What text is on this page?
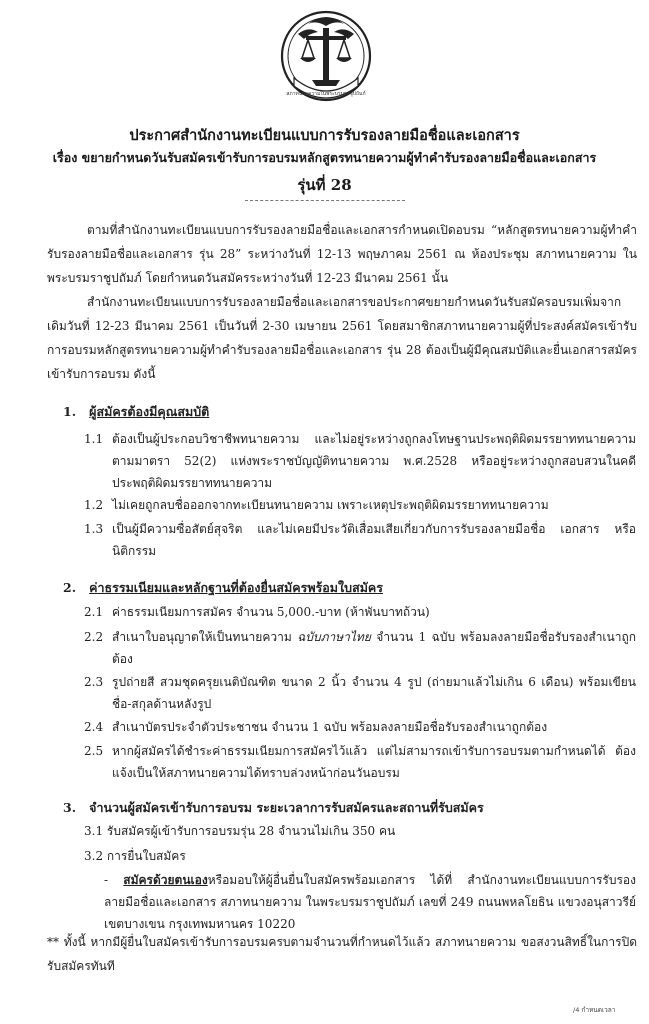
สภาทนายความในพระบรมราชูปถัมภ์
ประกาศสำนักงานทะเบียนแบบการรับรองลายมือชื่อและเอกสาร
เรื่อง ขยายกำหนดวันรับสมัครเข้ารับการอบรมหลักสูตรทนายความผู้ทำคำรับรองลายมือชื่อและเอกสาร
รุ่นที่ 28

ตามที่สำนักงานทะเบียนแบบการรับรองลายมือชื่อและเอกสารกำหนดเปิดอบรม “หลักสูตรทนายความผู้ทำคำรับรองลายมือชื่อและเอกสาร รุ่น 28” ระหว่างวันที่ 12-13 พฤษภาคม 2561 ณ ห้องประชุม สภาทนายความ ในพระบรมราชูปถัมภ์ โดยกำหนดวันสมัครระหว่างวันที่ 12-23 มีนาคม 2561 นั้น

สำนักงานทะเบียนแบบการรับรองลายมือชื่อและเอกสารขอประกาศขยายกำหนดวันรับสมัครอบรมเพิ่มจากเดิมวันที่ 12-23 มีนาคม 2561 เป็นวันที่ 2-30 เมษายน 2561 โดยสมาชิกสภาทนายความผู้ที่ประสงค์สมัครเข้ารับการอบรมหลักสูตรทนายความผู้ทำคำรับรองลายมือชื่อและเอกสาร รุ่น 28 ต้องเป็นผู้มีคุณสมบัติและยื่นเอกสารสมัครเข้ารับการอบรม ดังนี้

1. ผู้สมัครต้องมีคุณสมบัติ
1.1 ต้องเป็นผู้ประกอบวิชาชีพทนายความ และไม่อยู่ระหว่างถูกลงโทษฐานประพฤติผิดมรรยาททนายความ ตามมาตรา 52(2) แห่งพระราชบัญญัติทนายความ พ.ศ.2528 หรืออยู่ระหว่างถูกสอบสวนในคดีประพฤติผิดมรรยาททนายความ

1.2 ไม่เคยถูกลบชื่อออกจากทะเบียนทนายความ เพราะเหตุประพฤติผิดมรรยาททนายความ

1.3 เป็นผู้มีความซื่อสัตย์สุจริต และไม่เคยมีประวัติเสื่อมเสียเกี่ยวกับการรับรองลายมือชื่อ เอกสาร หรือนิติกรรม

2. ค่าธรรมเนียมและหลักฐานที่ต้องยื่นสมัครพร้อมใบสมัคร
2.1 ค่าธรรมเนียมการสมัคร จำนวน 5,000.-บาท (ห้าพันบาทถ้วน)

2.2 สำเนาใบอนุญาตให้เป็นทนายความ ฉบับภาษาไทย จำนวน 1 ฉบับ พร้อมลงลายมือชื่อรับรองสำเนาถูกต้อง

2.3 รูปถ่ายสี สวมชุดครุยเนติบัณฑิต ขนาด 2 นิ้ว จำนวน 4 รูป (ถ่ายมาแล้วไม่เกิน 6 เดือน) พร้อมเขียนชื่อ-สกุลด้านหลังรูป

2.4 สำเนาบัตรประจำตัวประชาชน จำนวน 1 ฉบับ พร้อมลงลายมือชื่อรับรองสำเนาถูกต้อง

2.5 หากผู้สมัครได้ชำระค่าธรรมเนียมการสมัครไว้แล้ว แต่ไม่สามารถเข้ารับการอบรมตามกำหนดได้ ต้องแจ้งเป็นให้สภาทนายความได้ทราบล่วงหน้าก่อนวันอบรม

3. จำนวนผู้สมัครเข้ารับการอบรม ระยะเวลาการรับสมัครและสถานที่รับสมัคร

3.1 รับสมัครผู้เข้ารับการอบรมรุ่น 28 จำนวนไม่เกิน 350 คน

3.2 การยื่นใบสมัคร

- สมัครด้วยตนเองหรือมอบให้ผู้อื่นยื่นใบสมัครพร้อมเอกสาร ได้ที่ สำนักงานทะเบียนแบบการรับรองลายมือชื่อและเอกสาร สภาทนายความ ในพระบรมราชูปถัมภ์ เลขที่ 249 ถนนพหลโยธิน แขวงอนุสาวรีย์ เขตบางเขน กรุงเทพมหานคร 10220

** ทั้งนี้ หากมีผู้ยื่นใบสมัครเข้ารับการอบรมครบตามจำนวนที่กำหนดไว้แล้ว สภาทนายความ ขอสงวนสิทธิ์ในการปิดรับสมัครทันที

/4 กำหนดเวลา
